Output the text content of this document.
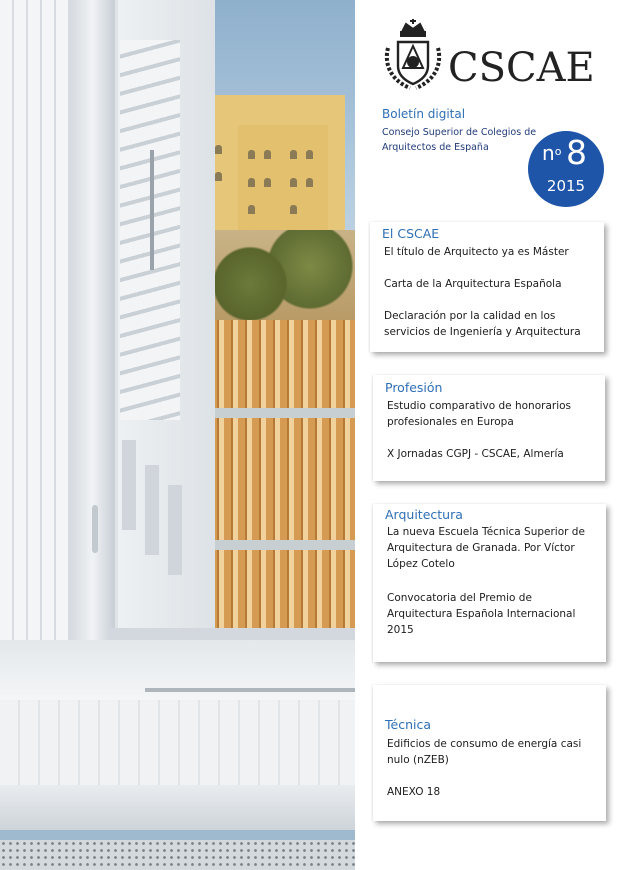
CSCAE
Boletín digital
Consejo Superior de Colegios de Arquitectos de España	$n^o$ 8
2015
El CSCAE
El título de Arquitecto ya es Máster
Carta de la Arquitectura Española
Declaración por la calidad en los servicios de Ingeniería y Arquitectura
Profesión
Estudio comparativo de honorarios profesionales en Europa
X Jornadas CGPJ - CSCAE, Almería
Arquitectura
La nueva Escuela Técnica Superior de Arquitectura de Granada. Por Víctor López Cotelo
Convocatoria del Premio de Arquitectura Española Internacional 2015
Técnica
Edificios de consumo de energía casi nulo (nZEB)
ANEXO 18
